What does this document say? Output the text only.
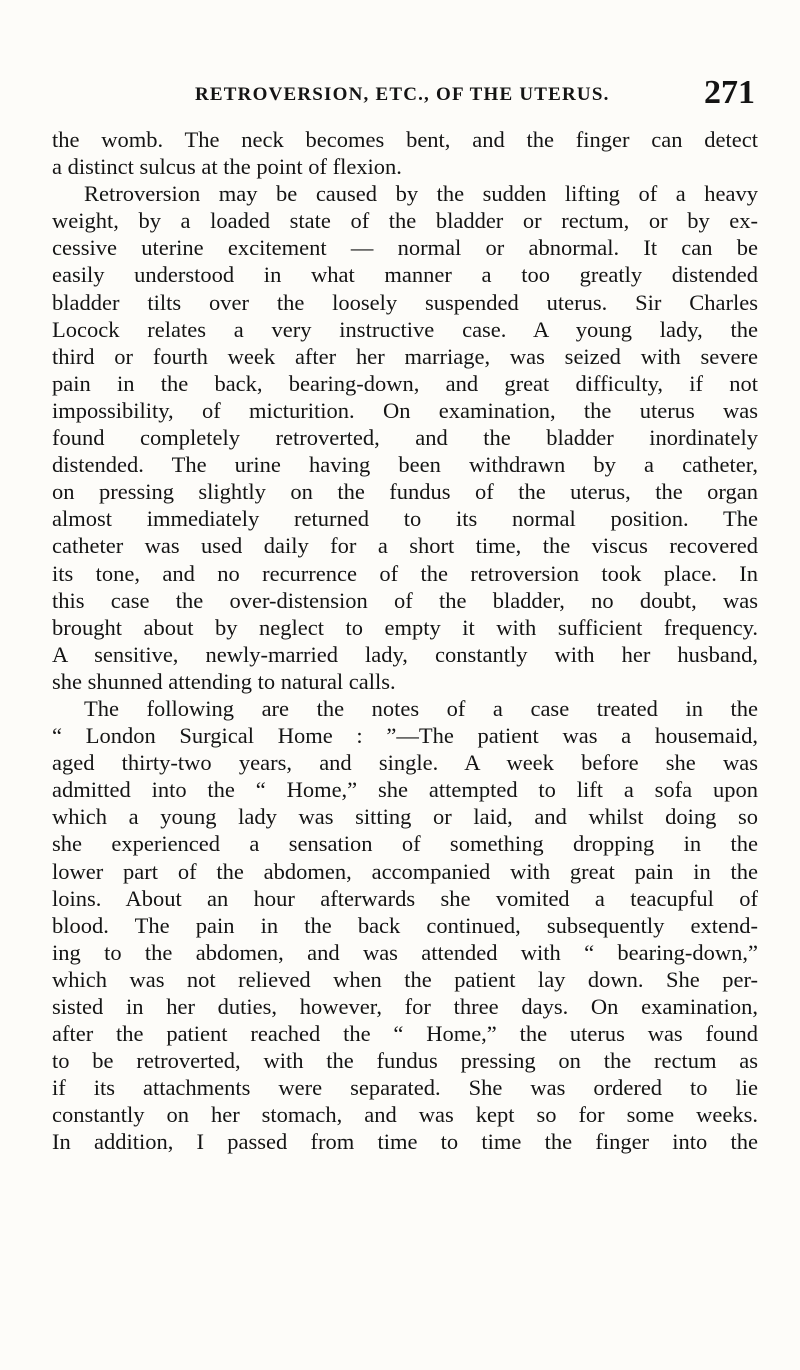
RETROVERSION, ETC., OF THE UTERUS.	271
the womb. The neck becomes bent, and the finger can detect
a distinct sulcus at the point of flexion.
Retroversion may be caused by the sudden lifting of a heavy
weight, by a loaded state of the bladder or rectum, or by ex-
cessive uterine excitement — normal or abnormal. It can be
easily understood in what manner a too greatly distended
bladder tilts over the loosely suspended uterus. Sir Charles
Locock relates a very instructive case. A young lady, the
third or fourth week after her marriage, was seized with severe
pain in the back, bearing-down, and great difficulty, if not
impossibility, of micturition. On examination, the uterus was
found completely retroverted, and the bladder inordinately
distended. The urine having been withdrawn by a catheter,
on pressing slightly on the fundus of the uterus, the organ
almost immediately returned to its normal position. The
catheter was used daily for a short time, the viscus recovered
its tone, and no recurrence of the retroversion took place. In
this case the over-distension of the bladder, no doubt, was
brought about by neglect to empty it with sufficient frequency.
A sensitive, newly-married lady, constantly with her husband,
she shunned attending to natural calls.
The following are the notes of a case treated in the
“ London Surgical Home : ”—The patient was a housemaid,
aged thirty-two years, and single. A week before she was
admitted into the “ Home,” she attempted to lift a sofa upon
which a young lady was sitting or laid, and whilst doing so
she experienced a sensation of something dropping in the
lower part of the abdomen, accompanied with great pain in the
loins. About an hour afterwards she vomited a teacupful of
blood. The pain in the back continued, subsequently extend-
ing to the abdomen, and was attended with “ bearing-down,”
which was not relieved when the patient lay down. She per-
sisted in her duties, however, for three days. On examination,
after the patient reached the “ Home,” the uterus was found
to be retroverted, with the fundus pressing on the rectum as
if its attachments were separated. She was ordered to lie
constantly on her stomach, and was kept so for some weeks.
In addition, I passed from time to time the finger into the
